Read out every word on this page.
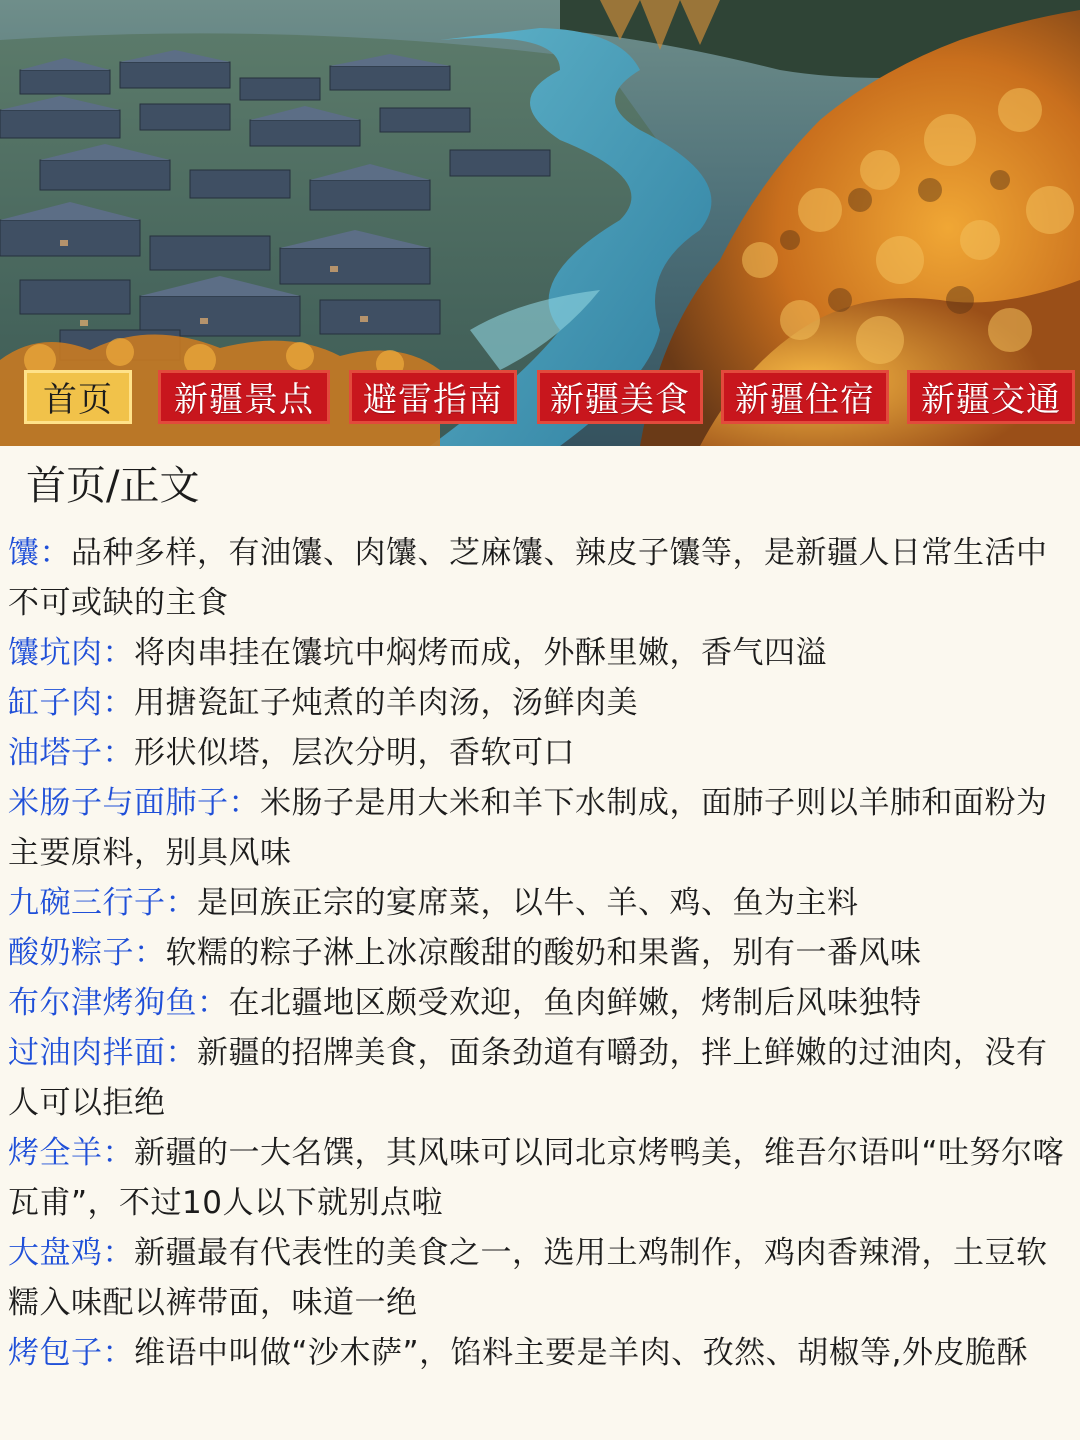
首页	新疆景点	避雷指南	新疆美食	新疆住宿	新疆交通
首页/正文

馕：品种多样，有油馕、肉馕、芝麻馕、辣皮子馕等，是新疆人日常生活中不可或缺的主食

馕坑肉：将肉串挂在馕坑中焖烤而成，外酥里嫩，香气四溢

缸子肉：用搪瓷缸子炖煮的羊肉汤，汤鲜肉美

油塔子：形状似塔，层次分明，香软可口

米肠子与面肺子：米肠子是用大米和羊下水制成，面肺子则以羊肺和面粉为主要原料，别具风味

九碗三行子：是回族正宗的宴席菜，以牛、羊、鸡、鱼为主料

酸奶粽子：软糯的粽子淋上冰凉酸甜的酸奶和果酱，别有一番风味

布尔津烤狗鱼：在北疆地区颇受欢迎，鱼肉鲜嫩，烤制后风味独特

过油肉拌面：新疆的招牌美食，面条劲道有嚼劲，拌上鲜嫩的过油肉，没有人可以拒绝

烤全羊：新疆的一大名馔，其风味可以同北京烤鸭美，维吾尔语叫“吐努尔喀瓦甫”，不过10人以下就别点啦

大盘鸡：新疆最有代表性的美食之一，选用土鸡制作，鸡肉香辣滑，土豆软糯入味配以裤带面，味道一绝

烤包子：维语中叫做“沙木萨”，馅料主要是羊肉、孜然、胡椒等,外皮脆酥
